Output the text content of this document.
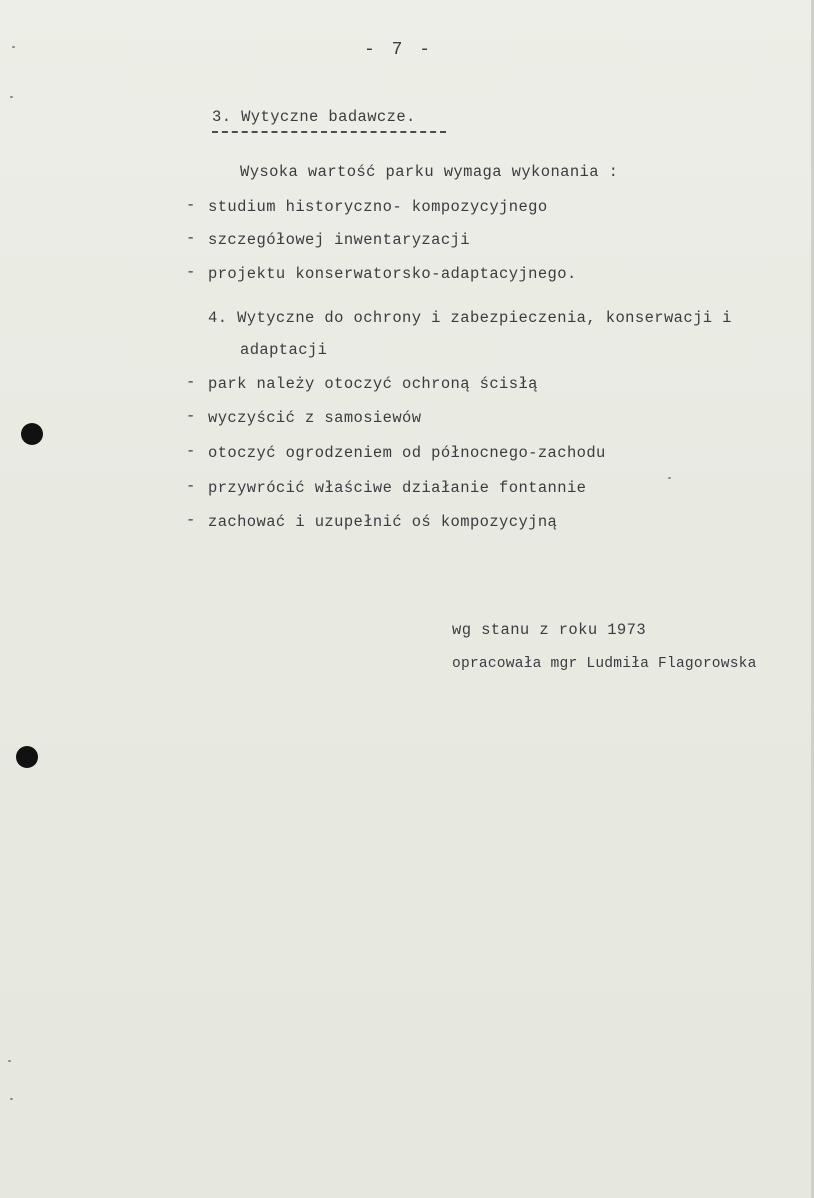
- 7 -
3. Wytyczne badawcze.
Wysoka wartość parku wymaga wykonania :
- studium historyczno- kompozycyjnego
- szczegółowej inwentaryzacji
- projektu konserwatorsko-adaptacyjnego.
4. Wytyczne do ochrony i zabezpieczenia, konserwacji i
adaptacji
- park należy otoczyć ochroną ścisłą
- wyczyścić z samosiewów
- otoczyć ogrodzeniem od północnego-zachodu
- przywrócić właściwe działanie fontannie
- zachować i uzupełnić oś kompozycyjną
wg stanu z roku 1973
opracowała mgr Ludmiła Flagorowska
